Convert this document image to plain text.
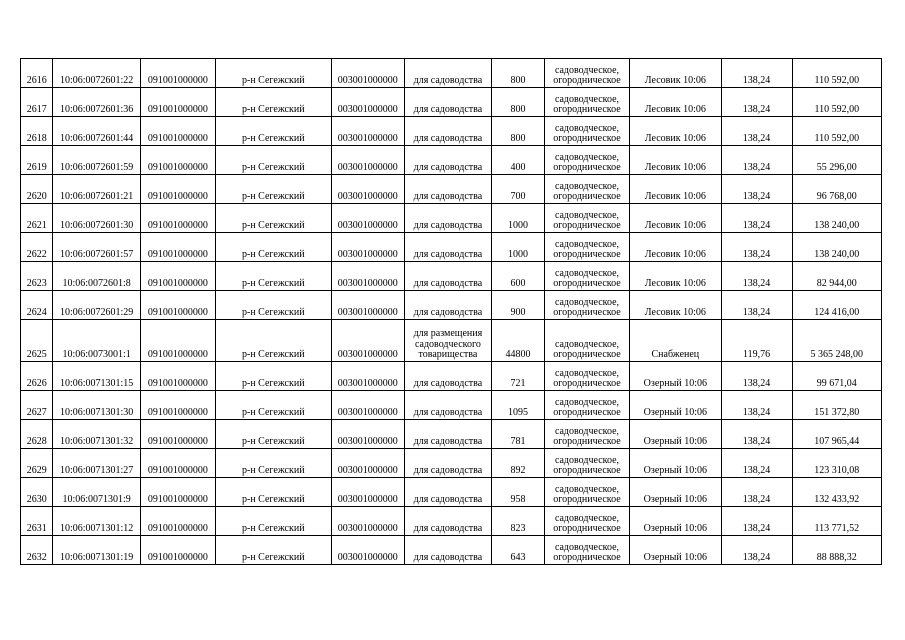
2616	10:06:0072601:22	091001000000	р-н Сегежский	003001000000	для садоводства	800	садоводческое,
огородническое	Лесовик 10:06	138,24	110 592,00
2617	10:06:0072601:36	091001000000	р-н Сегежский	003001000000	для садоводства	800	садоводческое,
огородническое	Лесовик 10:06	138,24	110 592,00
2618	10:06:0072601:44	091001000000	р-н Сегежский	003001000000	для садоводства	800	садоводческое,
огородническое	Лесовик 10:06	138,24	110 592,00
2619	10:06:0072601:59	091001000000	р-н Сегежский	003001000000	для садоводства	400	садоводческое,
огородническое	Лесовик 10:06	138,24	55 296,00
2620	10:06:0072601:21	091001000000	р-н Сегежский	003001000000	для садоводства	700	садоводческое,
огородническое	Лесовик 10:06	138,24	96 768,00
2621	10:06:0072601:30	091001000000	р-н Сегежский	003001000000	для садоводства	1000	садоводческое,
огородническое	Лесовик 10:06	138,24	138 240,00
2622	10:06:0072601:57	091001000000	р-н Сегежский	003001000000	для садоводства	1000	садоводческое,
огородническое	Лесовик 10:06	138,24	138 240,00
2623	10:06:0072601:8	091001000000	р-н Сегежский	003001000000	для садоводства	600	садоводческое,
огородническое	Лесовик 10:06	138,24	82 944,00
2624	10:06:0072601:29	091001000000	р-н Сегежский	003001000000	для садоводства	900	садоводческое,
огородническое	Лесовик 10:06	138,24	124 416,00
2625	10:06:0073001:1	091001000000	р-н Сегежский	003001000000	для размещения
садоводческого
товарищества	44800	садоводческое,
огородническое	Снабженец	119,76	5 365 248,00
2626	10:06:0071301:15	091001000000	р-н Сегежский	003001000000	для садоводства	721	садоводческое,
огородническое	Озерный 10:06	138,24	99 671,04
2627	10:06:0071301:30	091001000000	р-н Сегежский	003001000000	для садоводства	1095	садоводческое,
огородническое	Озерный 10:06	138,24	151 372,80
2628	10:06:0071301:32	091001000000	р-н Сегежский	003001000000	для садоводства	781	садоводческое,
огородническое	Озерный 10:06	138,24	107 965,44
2629	10:06:0071301:27	091001000000	р-н Сегежский	003001000000	для садоводства	892	садоводческое,
огородническое	Озерный 10:06	138,24	123 310,08
2630	10:06:0071301:9	091001000000	р-н Сегежский	003001000000	для садоводства	958	садоводческое,
огородническое	Озерный 10:06	138,24	132 433,92
2631	10:06:0071301:12	091001000000	р-н Сегежский	003001000000	для садоводства	823	садоводческое,
огородническое	Озерный 10:06	138,24	113 771,52
2632	10:06:0071301:19	091001000000	р-н Сегежский	003001000000	для садоводства	643	садоводческое,
огородническое	Озерный 10:06	138,24	88 888,32
